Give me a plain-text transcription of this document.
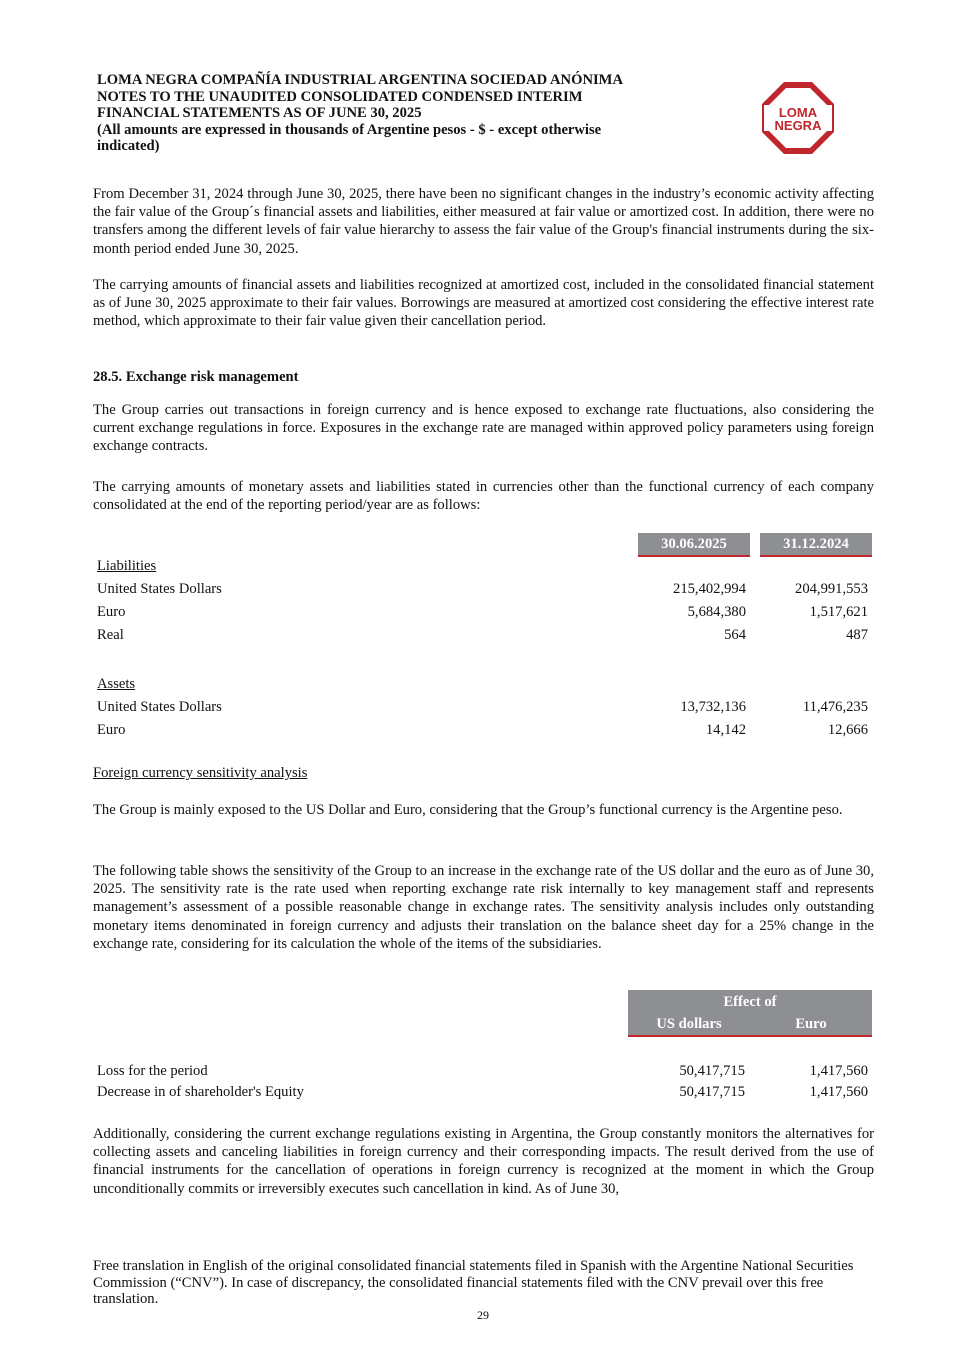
LOMA NEGRA COMPAÑÍA INDUSTRIAL ARGENTINA SOCIEDAD ANÓNIMA
NOTES TO THE UNAUDITED CONSOLIDATED CONDENSED INTERIM
FINANCIAL STATEMENTS AS OF JUNE 30, 2025
(All amounts are expressed in thousands of Argentine pesos - $ - except otherwise
indicated)
LOMA
NEGRA

From December 31, 2024 through June 30, 2025, there have been no significant changes in the industry’s economic activity affecting the fair value of the Group´s financial assets and liabilities, either measured at fair value or amortized cost. In addition, there were no transfers among the different levels of fair value hierarchy to assess the fair value of the Group's financial instruments during the six-month period ended June 30, 2025.

The carrying amounts of financial assets and liabilities recognized at amortized cost, included in the consolidated financial statement as of June 30, 2025 approximate to their fair values. Borrowings are measured at amortized cost considering the effective interest rate method, which approximate to their fair value given their cancellation period.

28.5. Exchange risk management

The Group carries out transactions in foreign currency and is hence exposed to exchange rate fluctuations, also considering the current exchange regulations in force. Exposures in the exchange rate are managed within approved policy parameters using foreign exchange contracts.

The carrying amounts of monetary assets and liabilities stated in currencies other than the functional currency of each company consolidated at the end of the reporting period/year are as follows:

30.06.2025	31.12.2024
Liabilities
United States Dollars	215,402,994	204,991,553
Euro	5,684,380	1,517,621
Real	564	487
Assets
United States Dollars	13,732,136	11,476,235
Euro	14,142	12,666
Foreign currency sensitivity analysis

The Group is mainly exposed to the US Dollar and Euro, considering that the Group’s functional currency is the Argentine peso.

The following table shows the sensitivity of the Group to an increase in the exchange rate of the US dollar and the euro as of June 30, 2025. The sensitivity rate is the rate used when reporting exchange rate risk internally to key management staff and represents management’s assessment of a possible reasonable change in exchange rates. The sensitivity analysis includes only outstanding monetary items denominated in foreign currency and adjusts their translation on the balance sheet day for a 25% change in the exchange rate, considering for its calculation the whole of the items of the subsidiaries.

Effect of
US dollars	Euro
Loss for the period	50,417,715	1,417,560
Decrease in of shareholder's Equity	50,417,715	1,417,560

Additionally, considering the current exchange regulations existing in Argentina, the Group constantly monitors the alternatives for collecting assets and canceling liabilities in foreign currency and their corresponding impacts. The result derived from the use of financial instruments for the cancellation of operations in foreign currency is recognized at the moment in which the Group unconditionally commits or irreversibly executes such cancellation in kind. As of June 30,

Free translation in English of the original consolidated financial statements filed in Spanish with the Argentine National Securities Commission (“CNV”). In case of discrepancy, the consolidated financial statements filed with the CNV prevail over this free translation.
29
